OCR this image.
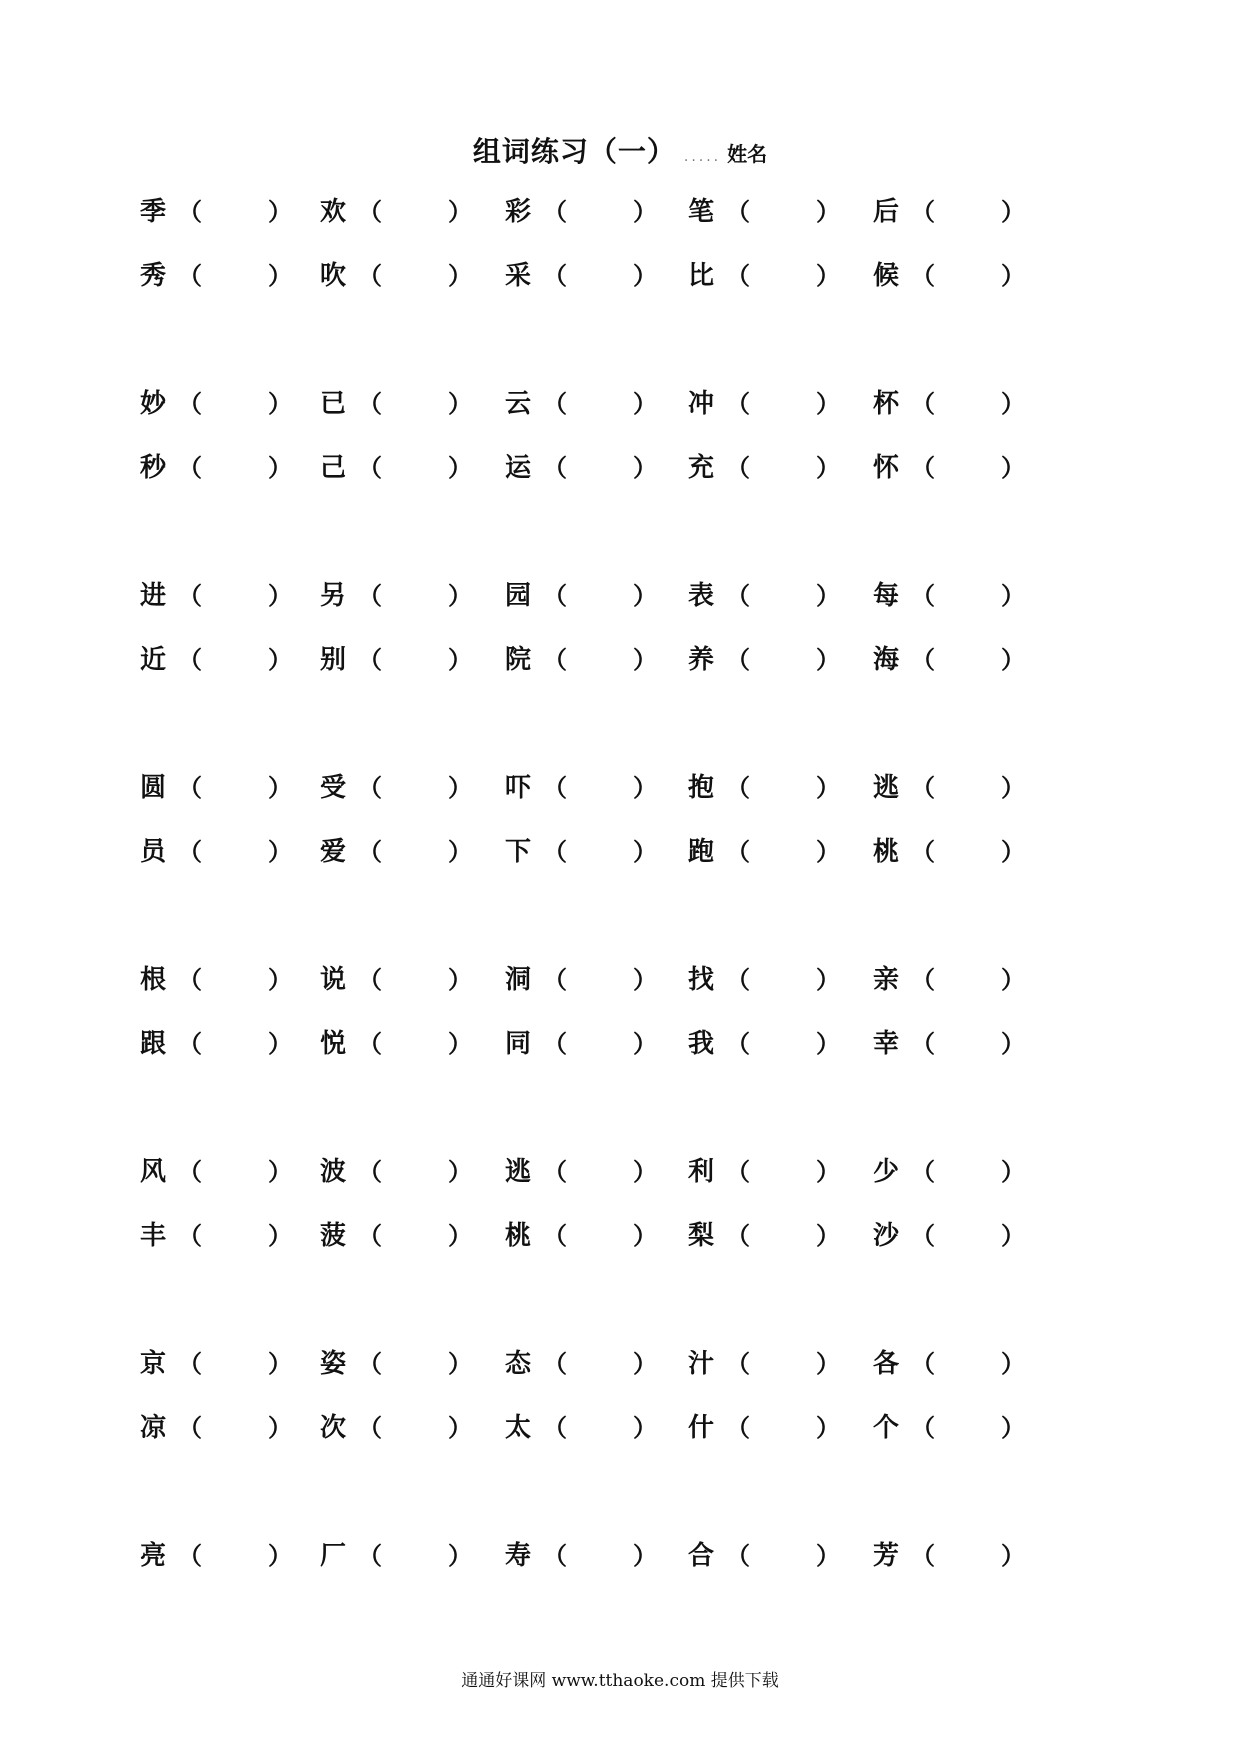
组词练习（一） ..... 姓名
季 （	） 欢 （	） 彩 （	） 笔 （	） 后 （	）
秀 （	） 吹 （	） 采 （	） 比 （	） 候 （	）
妙 （	） 已 （	） 云 （	） 冲 （	） 杯 （	）
秒 （	） 己 （	） 运 （	） 充 （	） 怀 （	）
进 （	） 另 （	） 园 （	） 表 （	） 每 （	）
近 （	） 别 （	） 院 （	） 养 （	） 海 （	）
圆 （	） 受 （	） 吓 （	） 抱 （	） 逃 （	）
员 （	） 爱 （	） 下 （	） 跑 （	） 桃 （	）
根 （	） 说 （	） 洞 （	） 找 （	） 亲 （	）
跟 （	） 悦 （	） 同 （	） 我 （	） 幸 （	）
风 （	） 波 （	） 逃 （	） 利 （	） 少 （	）
丰 （	） 菠 （	） 桃 （	） 梨 （	） 沙 （	）
京 （	） 姿 （	） 态 （	） 汁 （	） 各 （	）
凉 （	） 次 （	） 太 （	） 什 （	） 个 （	）
亮 （	） 厂 （	） 寿 （	） 合 （	） 芳 （	）
通通好课网 www.tthaoke.com 提供下载
